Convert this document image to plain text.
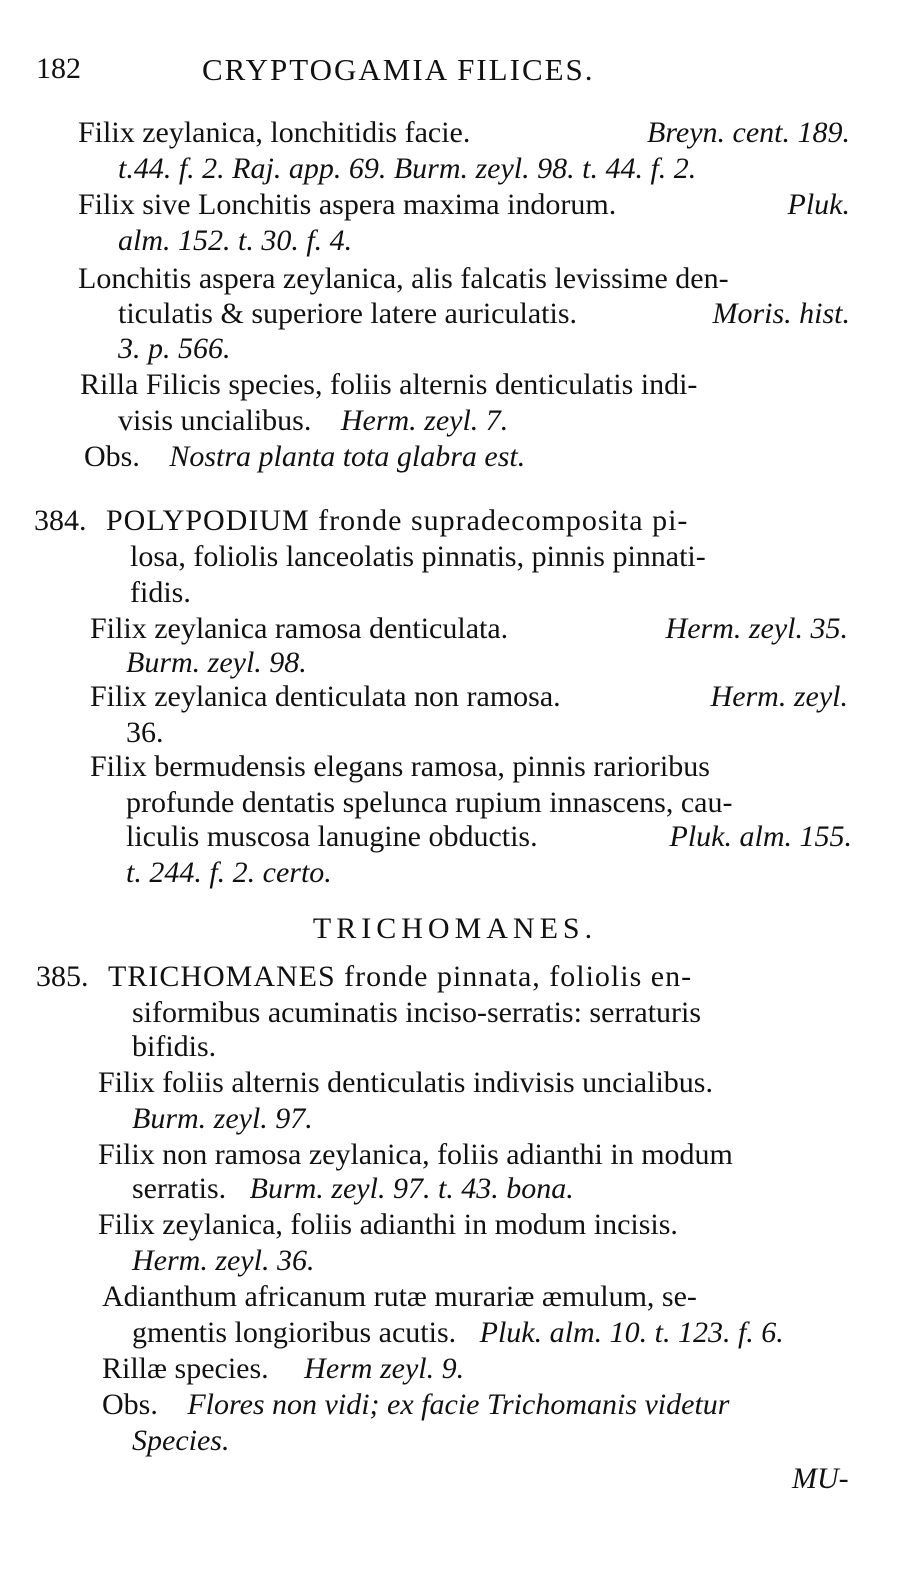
182	CRYPTOGAMIA FILICES.
Filix zeylanica, lonchitidis facie.	Breyn. cent. 189.
t.44. f. 2. Raj. app. 69. Burm. zeyl. 98. t. 44. f. 2.
Filix sive Lonchitis aspera maxima indorum.	Pluk.
alm. 152. t. 30. f. 4.
Lonchitis aspera zeylanica, alis falcatis levissime den-
ticulatis & superiore latere auriculatis.	Moris. hist.
3. p. 566.
Rilla Filicis species, foliis alternis denticulatis indi-
visis uncialibus. Herm. zeyl. 7.
Obs. Nostra planta tota glabra est.
384. POLYPODIUM fronde supradecomposita pi-
losa, foliolis lanceolatis pinnatis, pinnis pinnati-
fidis.
Filix zeylanica ramosa denticulata.	Herm. zeyl. 35.
Burm. zeyl. 98.
Filix zeylanica denticulata non ramosa.	Herm. zeyl.
36.
Filix bermudensis elegans ramosa, pinnis rarioribus
profunde dentatis spelunca rupium innascens, cau-
liculis muscosa lanugine obductis.	Pluk. alm. 155.
t. 244. f. 2. certo.
TRICHOMANES.
385. TRICHOMANES fronde pinnata, foliolis en-
siformibus acuminatis inciso-serratis: serraturis
bifidis.
Filix foliis alternis denticulatis indivisis uncialibus.
Burm. zeyl. 97.
Filix non ramosa zeylanica, foliis adianthi in modum
serratis. Burm. zeyl. 97. t. 43. bona.
Filix zeylanica, foliis adianthi in modum incisis.
Herm. zeyl. 36.
Adianthum africanum rutæ murariæ æmulum, se-
gmentis longioribus acutis. Pluk. alm. 10. t. 123. f. 6.
Rillæ species. Herm zeyl. 9.
Obs. Flores non vidi; ex facie Trichomanis videtur
Species.
MU-
